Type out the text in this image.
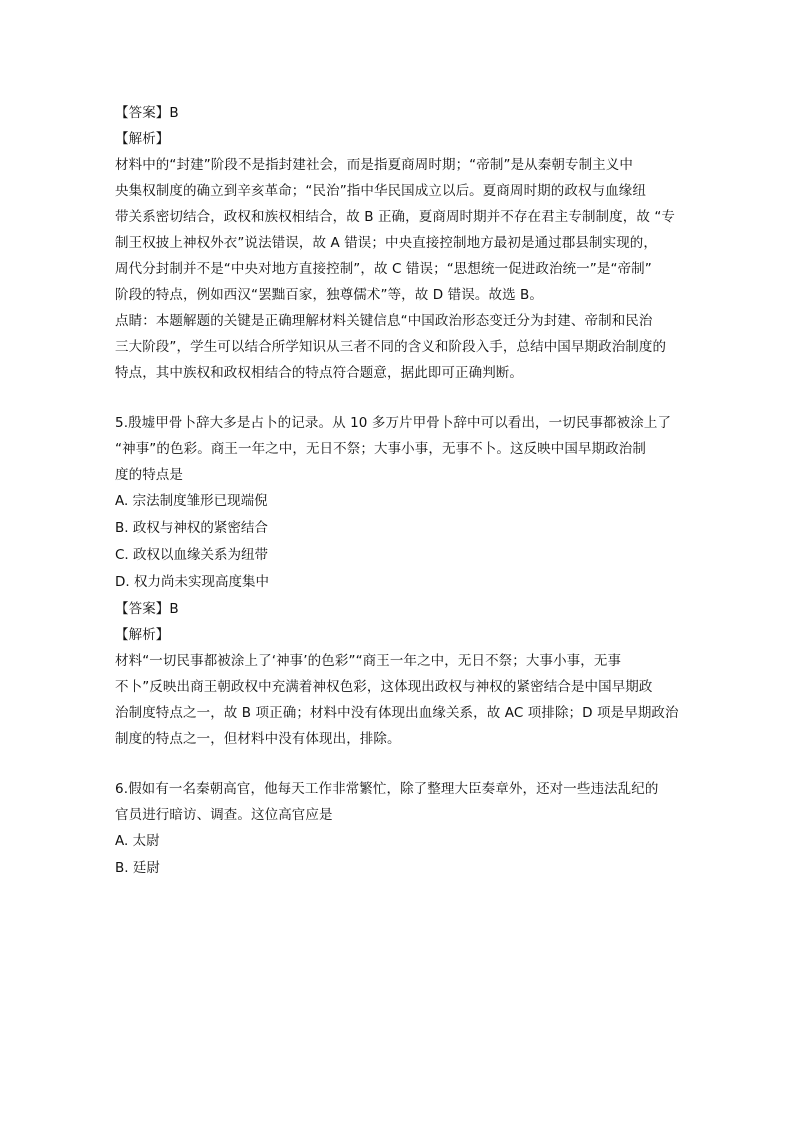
【答案】B
【解析】
材料中的“封建”阶段不是指封建社会，而是指夏商周时期；“帝制”是从秦朝专制主义中
央集权制度的确立到辛亥革命；“民治”指中华民国成立以后。夏商周时期的政权与血缘纽
带关系密切结合，政权和族权相结合，故 B 正确，夏商周时期并不存在君主专制制度，故 “专
制王权披上神权外衣”说法错误，故 A 错误；中央直接控制地方最初是通过郡县制实现的，
周代分封制并不是“中央对地方直接控制”，故 C 错误；“思想统一促进政治统一”是“帝制”
阶段的特点，例如西汉“罢黜百家，独尊儒术”等，故 D 错误。故选 B。
点睛：本题解题的关键是正确理解材料关键信息“中国政治形态变迁分为封建、帝制和民治
三大阶段”，学生可以结合所学知识从三者不同的含义和阶段入手，总结中国早期政治制度的
特点，其中族权和政权相结合的特点符合题意，据此即可正确判断。
5.殷墟甲骨卜辞大多是占卜的记录。从 10 多万片甲骨卜辞中可以看出，一切民事都被涂上了
“神事”的色彩。商王一年之中，无日不祭；大事小事，无事不卜。这反映中国早期政治制
度的特点是
A. 宗法制度雏形已现端倪
B. 政权与神权的紧密结合
C. 政权以血缘关系为纽带
D. 权力尚未实现高度集中
【答案】B
【解析】
材料“一切民事都被涂上了‘神事’的色彩”“商王一年之中，无日不祭；大事小事，无事
不卜”反映出商王朝政权中充满着神权色彩，这体现出政权与神权的紧密结合是中国早期政
治制度特点之一，故 B 项正确；材料中没有体现出血缘关系，故 AC 项排除；D 项是早期政治
制度的特点之一，但材料中没有体现出，排除。
6.假如有一名秦朝高官，他每天工作非常繁忙，除了整理大臣奏章外，还对一些违法乱纪的
官员进行暗访、调查。这位高官应是
A. 太尉
B. 廷尉
